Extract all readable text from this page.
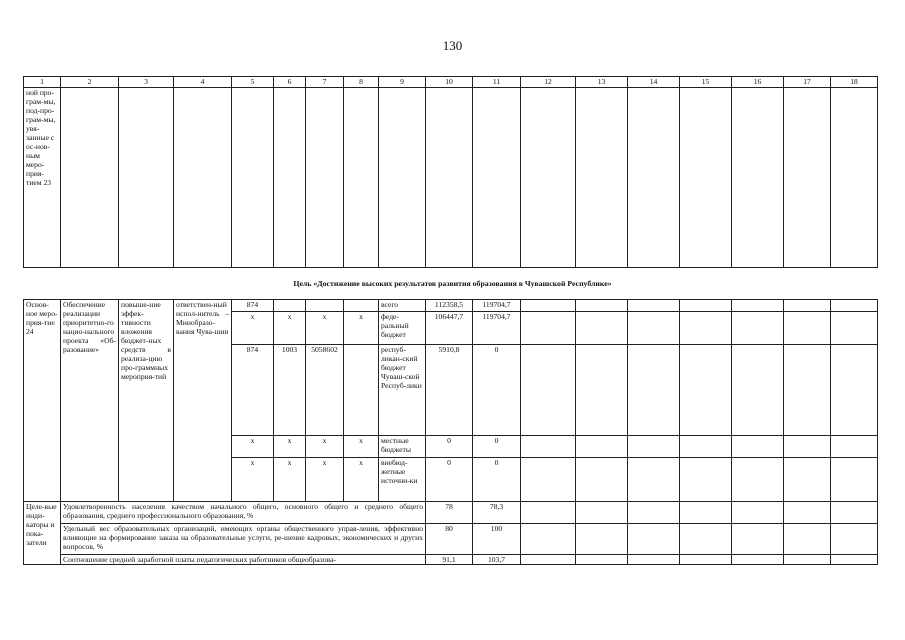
130
1	2	3	4	5	6	7	8	9	10	11	12	13	14	15	16	17	18
ной про-грам-мы, под-про-грам-мы, увя-занные с ос-нов-ным меро-прия-тием 23																	
Цель «Достижение высоких результатов развития образования в Чувашской Республике»
Основ-ное меро-прия-тие 24	Обеспечение реализации приоритетно-го нацио-нального проекта «Об-разование»	повыше-ние эффек-тивности вложения бюджет-ных средств в реализа-цию про-граммных мероприя-тий	ответствен-ный испол-нитель – Минобразо-вания Чува-шии	874				всего	112358,5	119704,7							
				x	x	x	x	феде-ральный бюджет	106447,7	119704,7							
				874	1003	5058602		респуб-ликан-ский бюджет Чуваш-ской Респуб-лики	5910,8	0							
				x	x	x	x	местные бюджеты	0	0							
				x	x	x	x	внебюд-жетные источни-ки	0	0							
Целе-вые инди-каторы и пока-затели	Удовлетворенность населения качеством начального общего, основного общего и среднего общего образования, среднего профессионального образования, %								78	78,3							
	Удельный вес образовательных организаций, имеющих органы общественного управ-ления, эффективно влияющие на формирование заказа на образовательные услуги, ре-шение кадровых, экономических и других вопросов, %								80	100							
	Соотношение средней заработной платы педагогических работников общеобразова-								91,1	103,7							
